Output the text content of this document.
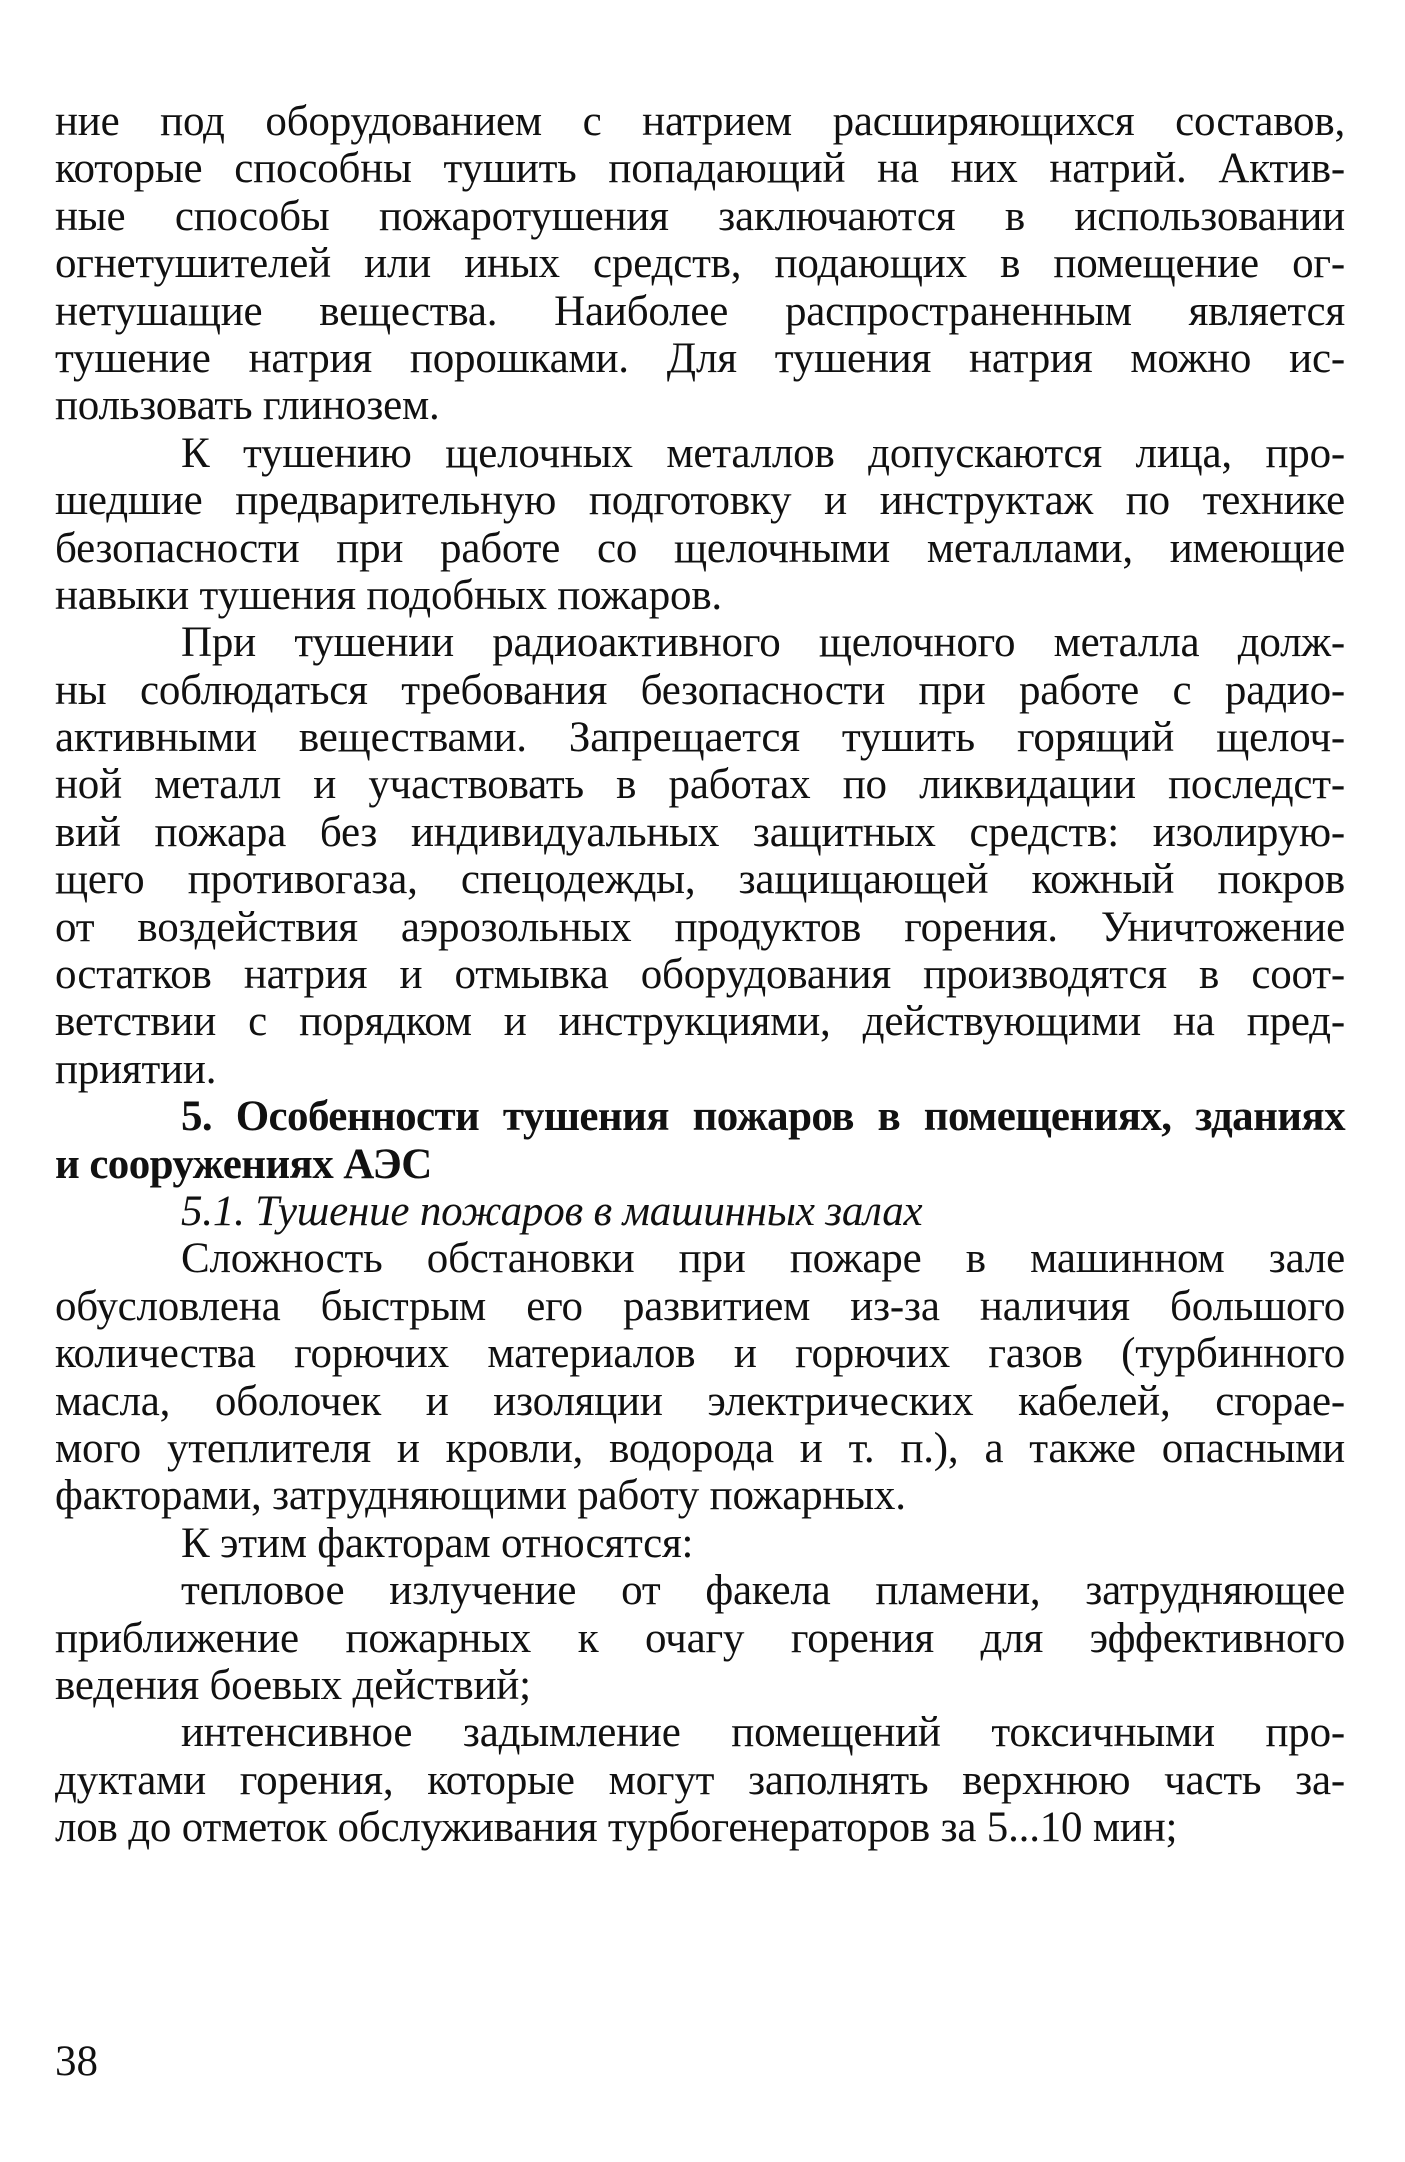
ние под оборудованием с натрием расширяющихся составов,
которые способны тушить попадающий на них натрий. Актив-
ные способы пожаротушения заключаются в использовании
огнетушителей или иных средств, подающих в помещение ог-
нетушащие вещества. Наиболее распространенным является
тушение натрия порошками. Для тушения натрия можно ис-
пользовать глинозем.
К тушению щелочных металлов допускаются лица, про-
шедшие предварительную подготовку и инструктаж по технике
безопасности при работе со щелочными металлами, имеющие
навыки тушения подобных пожаров.
При тушении радиоактивного щелочного металла долж-
ны соблюдаться требования безопасности при работе с радио-
активными веществами. Запрещается тушить горящий щелоч-
ной металл и участвовать в работах по ликвидации последст-
вий пожара без индивидуальных защитных средств: изолирую-
щего противогаза, спецодежды, защищающей кожный покров
от воздействия аэрозольных продуктов горения. Уничтожение
остатков натрия и отмывка оборудования производятся в соот-
ветствии с порядком и инструкциями, действующими на пред-
приятии.
5. Особенности тушения пожаров в помещениях, зданиях
и сооружениях АЭС
5.1. Тушение пожаров в машинных залах
Сложность обстановки при пожаре в машинном зале
обусловлена быстрым его развитием из-за наличия большого
количества горючих материалов и горючих газов (турбинного
масла, оболочек и изоляции электрических кабелей, сгорае-
мого утеплителя и кровли, водорода и т. п.), а также опасными
факторами, затрудняющими работу пожарных.
К этим факторам относятся:
тепловое излучение от факела пламени, затрудняющее
приближение пожарных к очагу горения для эффективного
ведения боевых действий;
интенсивное задымление помещений токсичными про-
дуктами горения, которые могут заполнять верхнюю часть за-
лов до отметок обслуживания турбогенераторов за 5...10 мин;
38
